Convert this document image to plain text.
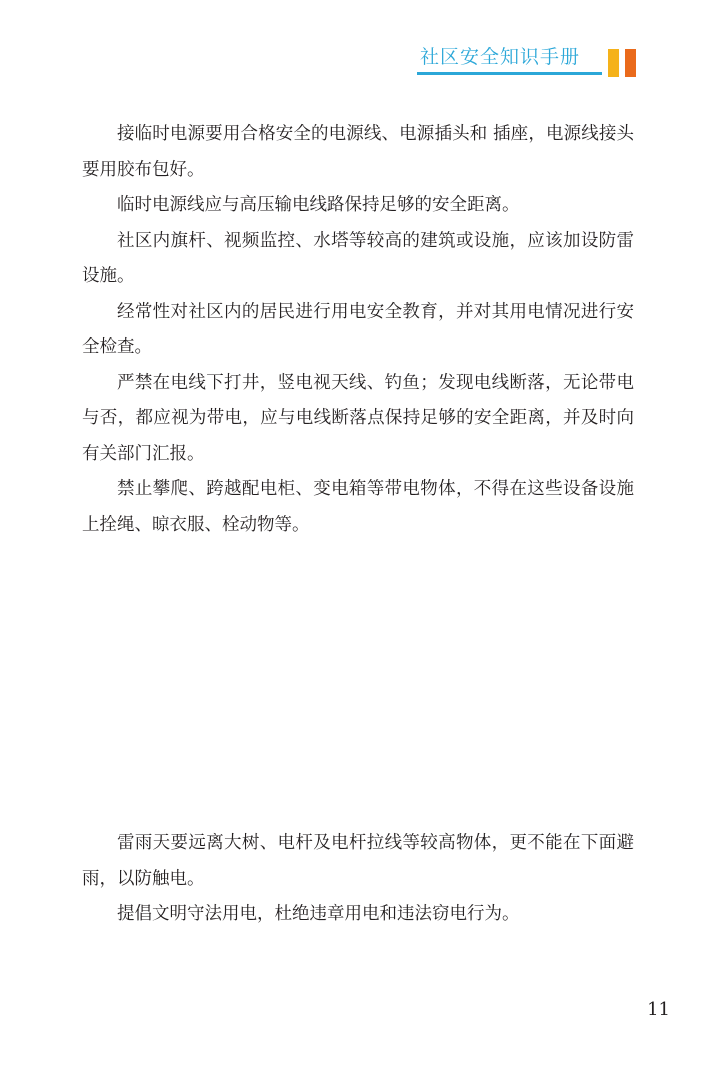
社区安全知识手册

接临时电源要用合格安全的电源线、电源插头和 插座，电源线接头要用胶布包好。

临时电源线应与高压输电线路保持足够的安全距离。

社区内旗杆、视频监控、水塔等较高的建筑或设施，应该加设防雷设施。

经常性对社区内的居民进行用电安全教育，并对其用电情况进行安全检查。

严禁在电线下打井，竖电视天线、钓鱼；发现电线断落，无论带电与否，都应视为带电，应与电线断落点保持足够的安全距离，并及时向有关部门汇报。

禁止攀爬、跨越配电柜、变电箱等带电物体，不得在这些设备设施上拴绳、晾衣服、栓动物等。

雷雨天要远离大树、电杆及电杆拉线等较高物体，更不能在下面避雨，以防触电。

提倡文明守法用电，杜绝违章用电和违法窃电行为。

11
